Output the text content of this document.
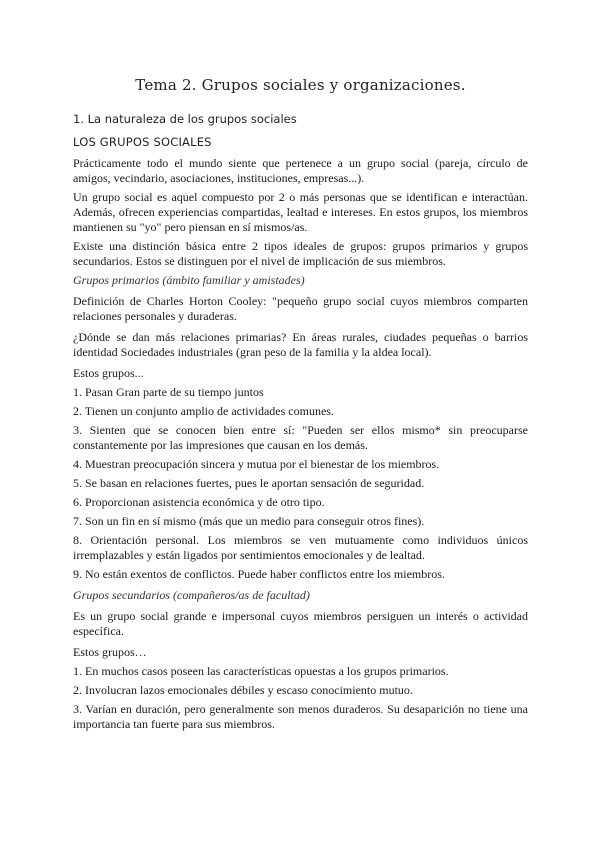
Tema 2. Grupos sociales y organizaciones.
1. La naturaleza de los grupos sociales
LOS GRUPOS SOCIALES

Prácticamente todo el mundo siente que pertenece a un grupo social (pareja, círculo de amigos, vecindario, asociaciones, instituciones, empresas...).

Un grupo social es aquel compuesto por 2 o más personas que se identifican e interactúan. Además, ofrecen experiencias compartidas, lealtad e intereses. En estos grupos, los miembros mantienen su "yo" pero piensan en sí mismos/as.

Existe una distinción básica entre 2 tipos ideales de grupos: grupos primarios y grupos secundarios. Estos se distinguen por el nivel de implicación de sus miembros.

Grupos primarios (ámbito familiar y amistades)

Definición de Charles Horton Cooley: "pequeño grupo social cuyos miembros comparten relaciones personales y duraderas.

¿Dónde se dan más relaciones primarias? En áreas rurales, ciudades pequeñas o barrios identidad Sociedades industriales (gran peso de la familia y la aldea local).

Estos grupos...

1. Pasan Gran parte de su tiempo juntos
2. Tienen un conjunto amplio de actividades comunes.
3. Sienten que se conocen bien entre sí: "Pueden ser ellos mismo* sin preocuparse constantemente por las impresiones que causan en los demás.
4. Muestran preocupación sincera y mutua por el bienestar de los miembros.
5. Se basan en relaciones fuertes, pues le aportan sensación de seguridad.
6. Proporcionan asistencia económica y de otro tipo.
7. Son un fin en sí mismo (más que un medio para conseguir otros fines).
8. Orientación personal. Los miembros se ven mutuamente como individuos únicos irremplazables y están ligados por sentimientos emocionales y de lealtad.
9. No están exentos de conflictos. Puede haber conflictos entre los miembros.
Grupos secundarios (compañeros/as de facultad)

Es un grupo social grande e impersonal cuyos miembros persiguen un interés o actividad específica.

Estos grupos…

1. En muchos casos poseen las características opuestas a los grupos primarios.
2. Involucran lazos emocionales débiles y escaso conocimiento mutuo.
3. Varían en duración, pero generalmente son menos duraderos. Su desaparición no tiene una importancia tan fuerte para sus miembros.
